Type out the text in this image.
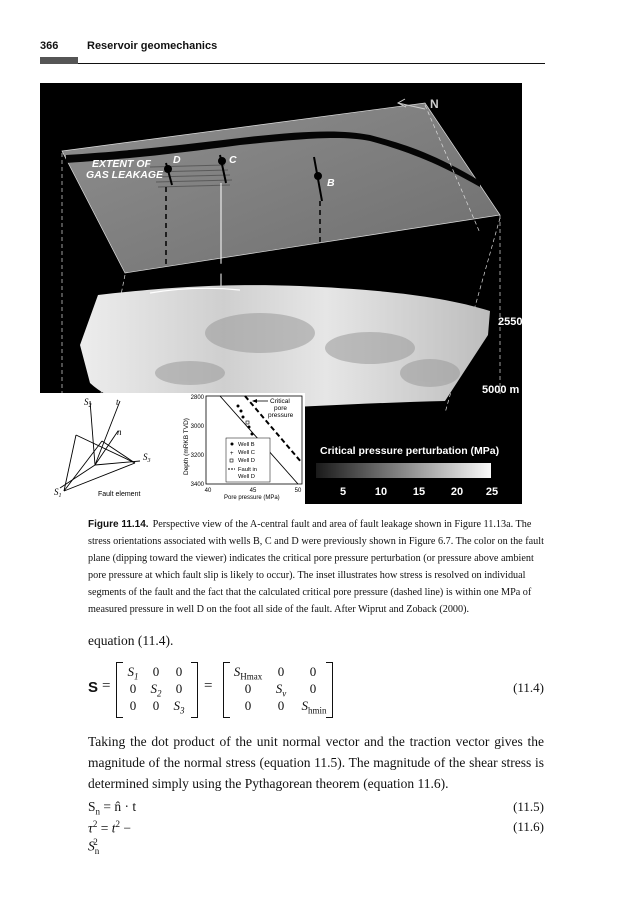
366	Reservoir geomechanics
N
EXTENT OF
GAS LEAKAGE
D	C
B
2550 m
5000 m
Critical pressure perturbation (MPa)
5	10 15 20 25
$S_2$	t
n
$S_3$
$S_1$	Fault element
Depth (mRKB TVD)
2800
3000
3200
3400
40	45	50
Pore pressure (MPa)
Critical
pore
pressure
Well B
+ Well C
Well D
Fault in
Well D
Figure 11.14. Perspective view of the A-central fault and area of fault leakage shown in Figure 11.13a. The stress orientations associated with wells B, C and D were previously shown in Figure 6.7. The color on the fault plane (dipping toward the viewer) indicates the critical pore pressure perturbation (or pressure above ambient pore pressure at which fault slip is likely to occur). The inset illustrates how stress is resolved on individual segments of the fault and the fact that the calculated critical pore pressure (dashed line) is within one MPa of measured pressure in well D on the foot all side of the fault. After Wiprut and Zoback (2000).
equation (11.4).
S =
$S_1$	0	0
0	$S_2$	0
0	0	$S_3$
=
$S_{Hmax}$	0	0
0	$S_v$	0
0	0	$S_{hmin}$
(11.4)
Taking the dot product of the unit normal vector and the traction vector gives the magnitude of the normal stress (equation 11.5). The magnitude of the shear stress is determined simply using the Pythagorean theorem (equation 11.6).
$S_n$ = n̂ · t	(11.5)
$\tau^2 = t^2 - S_n^2$
(11.6)
